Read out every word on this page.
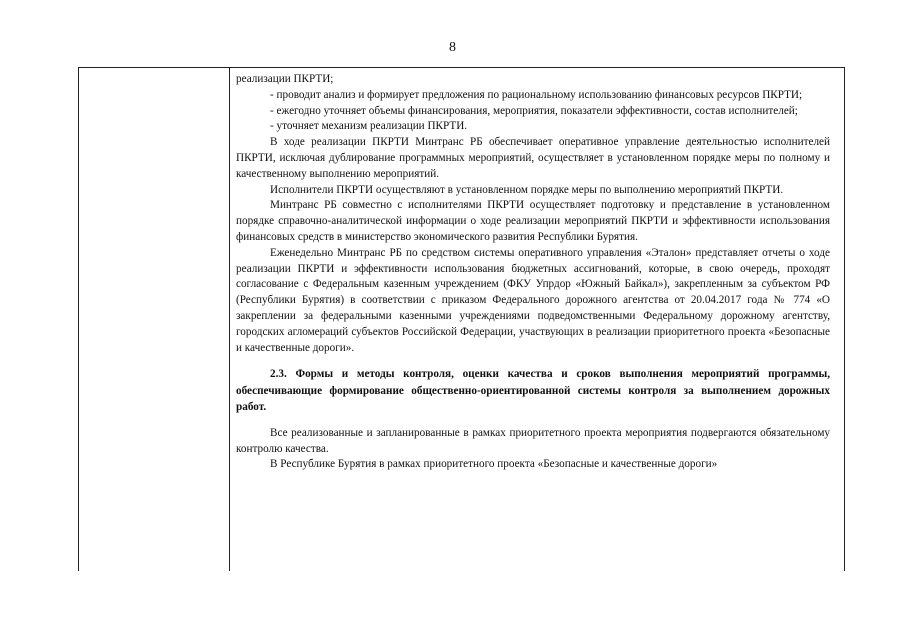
8

реализации ПКРТИ;

- проводит анализ и формирует предложения по рациональному использованию финансовых ресурсов ПКРТИ;

- ежегодно уточняет объемы финансирования, мероприятия, показатели эффективности, состав исполнителей;

- уточняет механизм реализации ПКРТИ.

В ходе реализации ПКРТИ Минтранс РБ обеспечивает оперативное управление деятельностью исполнителей ПКРТИ, исключая дублирование программных мероприятий, осуществляет в установленном порядке меры по полному и качественному выполнению мероприятий.

Исполнители ПКРТИ осуществляют в установленном порядке меры по выполнению мероприятий ПКРТИ.

Минтранс РБ совместно с исполнителями ПКРТИ осуществляет подготовку и представление в установленном порядке справочно-аналитической информации о ходе реализации мероприятий ПКРТИ и эффективности использования финансовых средств в министерство экономического развития Республики Бурятия.

Еженедельно Минтранс РБ по средством системы оперативного управления «Эталон» представляет отчеты о ходе реализации ПКРТИ и эффективности использования бюджетных ассигнований, которые, в свою очередь, проходят согласование с Федеральным казенным учреждением (ФКУ Упрдор «Южный Байкал»), закрепленным за субъектом РФ (Республики Бурятия) в соответствии с приказом Федерального дорожного агентства от 20.04.2017 года № 774 «О закреплении за федеральными казенными учреждениями подведомственными Федеральному дорожному агентству, городских агломераций субъектов Российской Федерации, участвующих в реализации приоритетного проекта «Безопасные и качественные дороги».

2.3. Формы и методы контроля, оценки качества и сроков выполнения мероприятий программы, обеспечивающие формирование общественно-ориентированной системы контроля за выполнением дорожных работ.

Все реализованные и запланированные в рамках приоритетного проекта мероприятия подвергаются обязательному контролю качества.

В Республике Бурятия в рамках приоритетного проекта «Безопасные и качественные дороги»
